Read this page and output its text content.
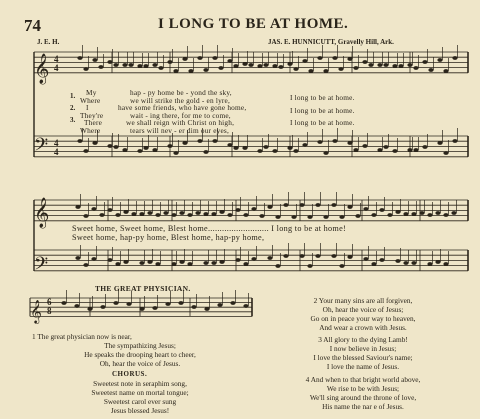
𝄞
𝄢
𝄞
𝄢
𝄞
4
4
4
4
6
8
74	I LONG TO BE AT HOME.
J. E. H.	JAS. E. HUNNICUTT, Gravelly Hill, Ark.
1.
2.
3.
My	hap - py home be - yond the sky,
I long to be at home.
Where	we will strike the gold - en lyre,
I	have some friends, who have gone home,	I long to be at home.
They're	wait - ing there, for me to come,
There	we shall reign with Christ on high,	I long to be at home.
Where	tears will nev - er dim our eyes,
Sweet home, Sweet home, Blest home.......................... I long to be at home!
Sweet home, hap-py home, Blest home, hap-py home,
THE GREAT PHYSICIAN.
1 The great physician now is near,
The sympathizing Jesus;
He speaks the drooping heart to cheer,
Oh, hear the voice of Jesus.
CHORUS.
Sweetest note in seraphim song,
Sweetest name on mortal tongue;
Sweetest carol ever sung
Jesus blessed Jesus!
2 Your many sins are all forgiven,
Oh, hear the voice of Jesus;
Go on in peace your way to heaven,
And wear a crown with Jesus.
3 All glory to the dying Lamb!
I now believe in Jesus;
I love the blessed Saviour's name;
I love the name of Jesus.
4 And when to that bright world above,
We rise to be with Jesus;
We'll sing around the throne of love,
His name the nar e of Jesus.
